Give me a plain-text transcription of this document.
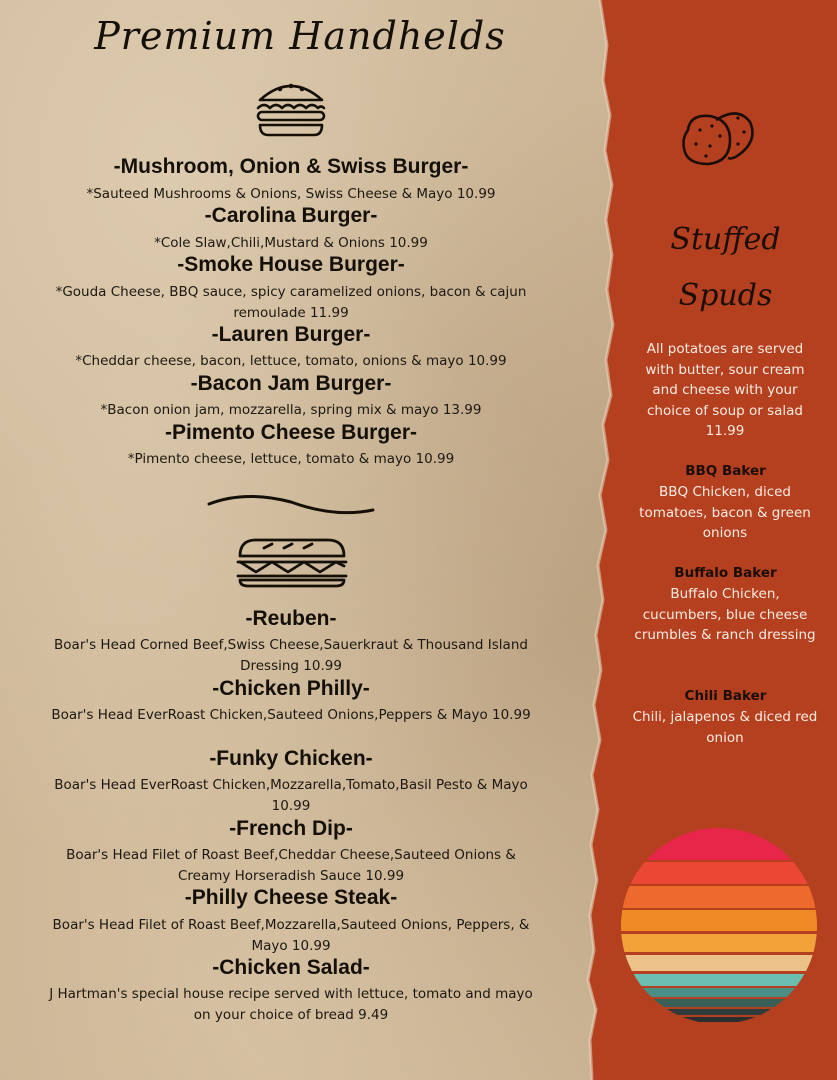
Premium Handhelds
-Mushroom, Onion & Swiss Burger-
*Sauteed Mushrooms & Onions, Swiss Cheese & Mayo 10.99
-Carolina Burger-
*Cole Slaw,Chili,Mustard & Onions 10.99
-Smoke House Burger-
*Gouda Cheese, BBQ sauce, spicy caramelized onions, bacon & cajun remoulade 11.99
-Lauren Burger-
*Cheddar cheese, bacon, lettuce, tomato, onions & mayo 10.99
-Bacon Jam Burger-
*Bacon onion jam, mozzarella, spring mix & mayo 13.99
-Pimento Cheese Burger-
*Pimento cheese, lettuce, tomato & mayo 10.99
-Reuben-
Boar's Head Corned Beef,Swiss Cheese,Sauerkraut & Thousand Island Dressing 10.99
-Chicken Philly-
Boar's Head EverRoast Chicken,Sauteed Onions,Peppers & Mayo 10.99
-Funky Chicken-
Boar's Head EverRoast Chicken,Mozzarella,Tomato,Basil Pesto & Mayo 10.99
-French Dip-
Boar's Head Filet of Roast Beef,Cheddar Cheese,Sauteed Onions & Creamy Horseradish Sauce 10.99
-Philly Cheese Steak-
Boar's Head Filet of Roast Beef,Mozzarella,Sauteed Onions, Peppers, & Mayo 10.99
-Chicken Salad-
J Hartman's special house recipe served with lettuce, tomato and mayo on your choice of bread 9.49
Stuffed
Spuds
All potatoes are served with butter, sour cream and cheese with your choice of soup or salad 11.99
BBQ Baker
BBQ Chicken, diced tomatoes, bacon & green onions
Buffalo Baker
Buffalo Chicken, cucumbers, blue cheese crumbles & ranch dressing
Chili Baker
Chili, jalapenos & diced red onion
